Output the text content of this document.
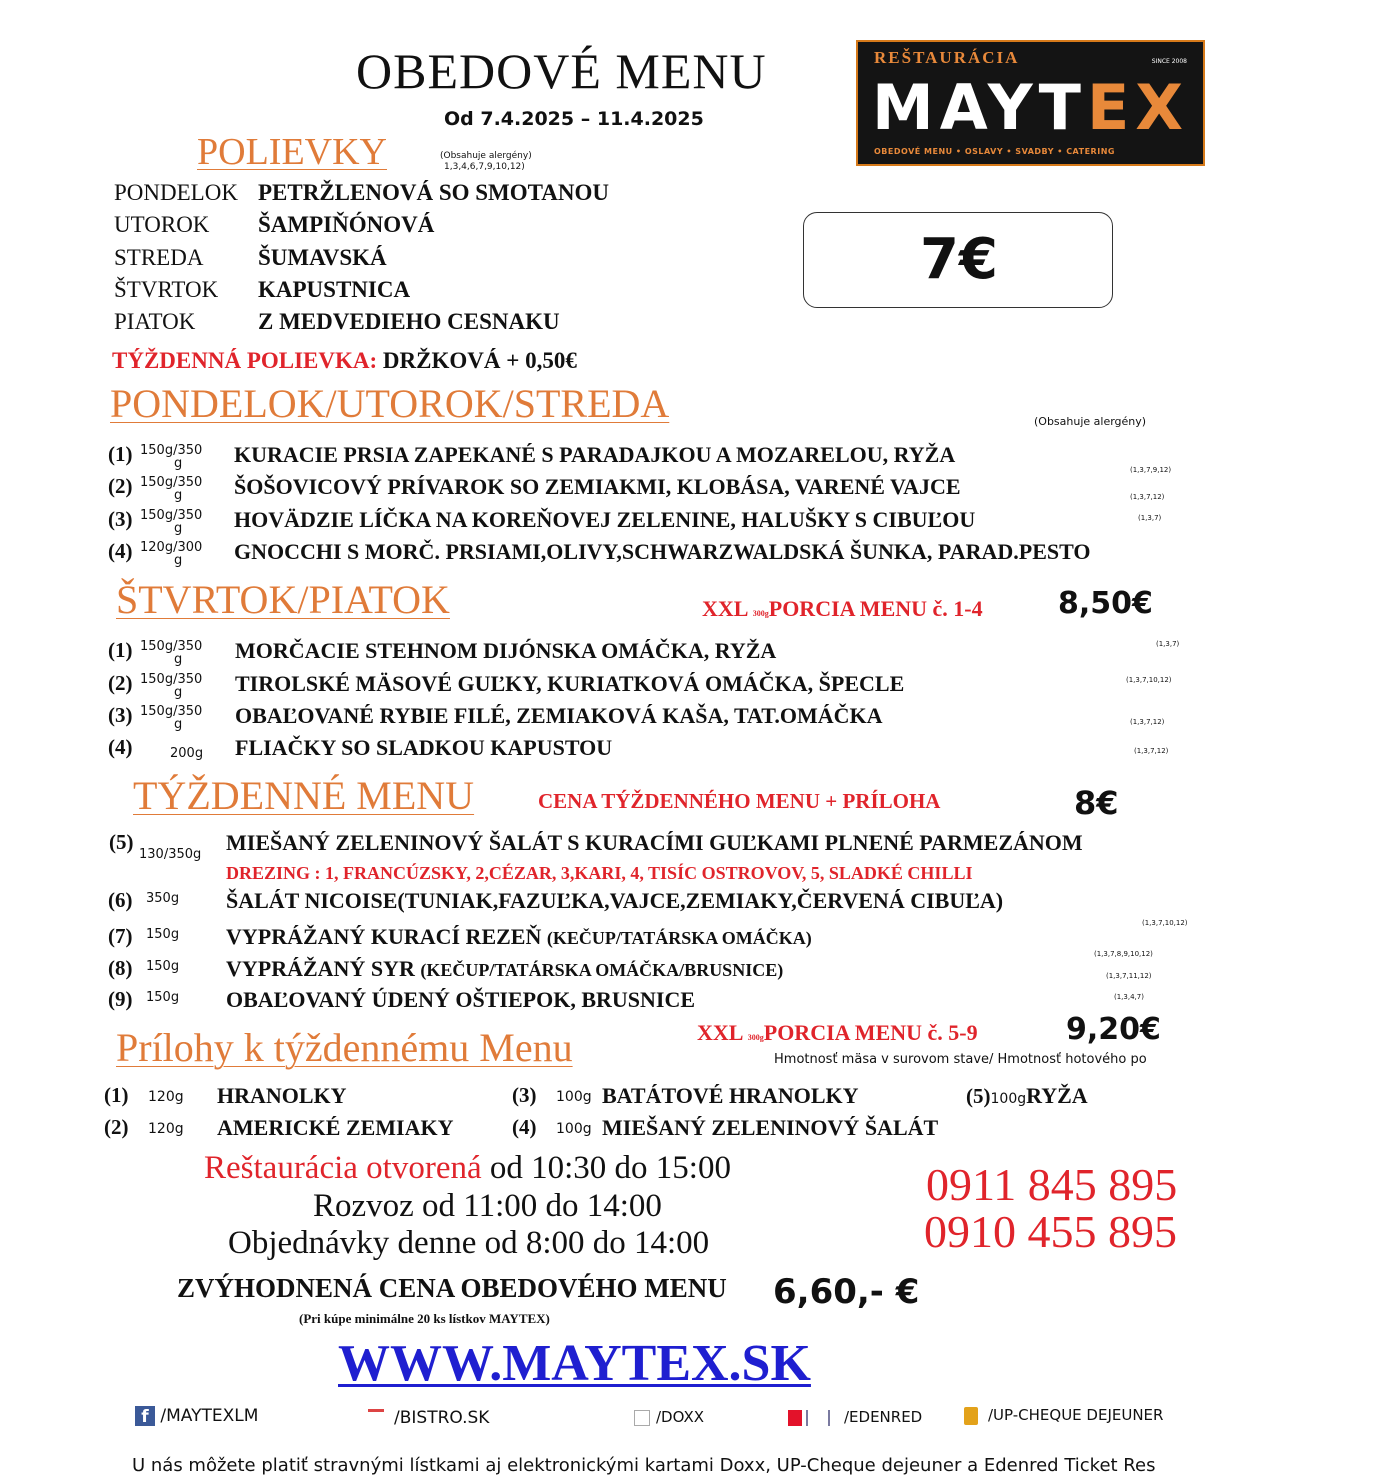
OBEDOVÉ MENU
Od 7.4.2025 – 11.4.2025
REŠTAURÁCIA	SINCE 2008
MAYTEX
OBEDOVÉ MENU • OSLAVY • SVADBY • CATERING
POLIEVKY	(Obsahuje alergény)
1,3,4,6,7,9,10,12)
PONDELOK PETRŽLENOVÁ SO SMOTANOU
UTOROK ŠAMPIŇÓNOVÁ
STREDA ŠUMAVSKÁ
ŠTVRTOK KAPUSTNICA
PIATOK	Z MEDVEDIEHO CESNAKU
TÝŽDENNÁ POLIEVKA: DRŽKOVÁ + 0,50€
7€
PONDELOK/UTOROK/STREDA	(Obsahuje alergény)
(1) 150g/350
g KURACIE PRSIA ZAPEKANÉ S PARADAJKOU A MOZARELOU, RYŽA
(1,3,7,9,12)
(2) 150g/350
g ŠOŠOVICOVÝ PRÍVAROK SO ZEMIAKMI, KLOBÁSA, VARENÉ VAJCE	(1,3,7,12)
(3) 150g/350
g HOVÄDZIE LÍČKA NA KOREŇOVEJ ZELENINE, HALUŠKY S CIBUĽOU	(1,3,7)
(4) 120g/300
g GNOCCHI S MORČ. PRSIAMI,OLIVY,SCHWARZWALDSKÁ ŠUNKA, PARAD.PESTO
ŠTVRTOK/PIATOK	XXL 300gPORCIA MENU č. 1-4	8,50€
(1) 150g/350
g MORČACIE STEHNOM DIJÓNSKA OMÁČKA, RYŽA	(1,3,7)
(2) 150g/350
g TIROLSKÉ MÄSOVÉ GUĽKY, KURIATKOVÁ OMÁČKA, ŠPECLE	(1,3,7,10,12)
(3) 150g/350
g OBAĽOVANÉ RYBIE FILÉ, ZEMIAKOVÁ KAŠA, TAT.OMÁČKA	(1,3,7,12)
(4)	200g FLIAČKY SO SLADKOU KAPUSTOU	(1,3,7,12)
TÝŽDENNÉ MENU	CENA TÝŽDENNÉHO MENU + PRÍLOHA	8€
(5)
130/350g MIEŠANÝ ZELENINOVÝ ŠALÁT S KURACÍMI GUĽKAMI PLNENÉ PARMEZÁNOM
DREZING : 1, FRANCÚZSKY, 2,CÉZAR, 3,KARI, 4, TISÍC OSTROVOV, 5, SLADKÉ CHILLI
(6) 350g ŠALÁT NICOISE(TUNIAK,FAZUĽKA,VAJCE,ZEMIAKY,ČERVENÁ CIBUĽA)
(1,3,7,10,12)
(7) 150g VYPRÁŽANÝ KURACÍ REZEŇ (KEČUP/TATÁRSKA OMÁČKA)
(1,3,7,8,9,10,12)
(8) 150g VYPRÁŽANÝ SYR (KEČUP/TATÁRSKA OMÁČKA/BRUSNICE)	(1,3,7,11,12)
(9) 150g OBAĽOVANÝ ÚDENÝ OŠTIEPOK, BRUSNICE	(1,3,4,7)
Prílohy k týždennému Menu	XXL 300gPORCIA MENU č. 5-9	9,20€
Hmotnosť mäsa v surovom stave/ Hmotnosť hotového po
(1) 120g HRANOLKY
(2) 120g AMERICKÉ ZEMIAKY
(3) 100g BATÁTOVÉ HRANOLKY
(4) 100g MIEŠANÝ ZELENINOVÝ ŠALÁT
(5)100gRYŽA
Reštaurácia otvorená od 10:30 do 15:00
Rozvoz od 11:00 do 14:00
Objednávky denne od 8:00 do 14:00
0911 845 895
0910 455 895
ZVÝHODNENÁ CENA OBEDOVÉHO MENU 6,60,- €
(Pri kúpe minimálne 20 ks lístkov MAYTEX)
WWW.MAYTEX.SK
f /MAYTEXLM	/BISTRO.SK	/DOXX	/EDENRED	/UP-CHEQUE DEJEUNER
U nás môžete platiť stravnými lístkami aj elektronickými kartami Doxx, UP-Cheque dejeuner a Edenred Ticket Res
